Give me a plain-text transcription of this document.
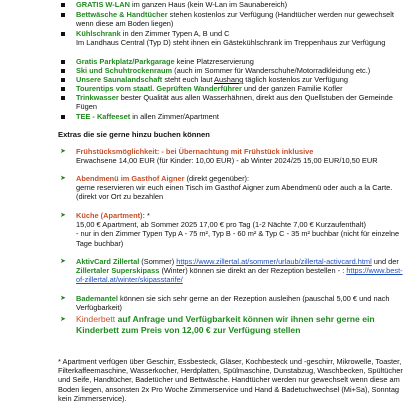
GRATIS W-LAN im ganzen Haus (kein W-Lan im Saunabereich)
Bettwäsche & Handtücher stehen kostenlos zur Verfügung (Handtücher werden nur gewechselt wenn diese am Boden liegen)
Kühlschrank in den Zimmer Typen A, B und C
Im Landhaus Central (Typ D) steht ihnen ein Gästekühlschrank im Treppenhaus zur Verfügung
Gratis Parkplatz/Parkgarage keine Platzreservierung
Ski und Schuhtrockenraum (auch im Sommer für Wanderschuhe/Motorradkleidung etc.)
Unsere Saunalandschaft steht euch laut Aushang täglich kostenlos zur Verfügung
Tourentips vom staatl. Geprüften Wanderführer und der ganzen Familie Kofler
Trinkwasser bester Qualität aus allen Wasserhähnen, direkt aus den Quellstuben der Gemeinde Fügen
TEE - Kaffeeset in allen Zimmer/Apartment
Extras die sie gerne hinzu buchen können
➤ Frühstücksmöglichkeit: - bei Übernachtung mit Frühstück inklusive
Erwachsene 14,00 EUR (für Kinder: 10,00 EUR) - ab Winter 2024/25 15,00 EUR/10,50 EUR
➤ Abendmenü im Gasthof Aigner (direkt gegenüber):
gerne reservieren wir euch einen Tisch im Gasthof Aigner zum Abendmenü oder auch a la Carte. (direkt vor Ort zu bezahlen
➤ Küche (Apartment): *
15,00 € Apartment, ab Sommer 2025 17,00 € pro Tag (1-2 Nächte 7,00 € Kurzaufenthalt)
- nur in den Zimmer Typen Typ A - 75 m², Typ B - 60 m² & Typ C - 35 m² buchbar (nicht für einzelne Tage buchbar)
➤ AktivCard Zillertal (Sommer) https://www.zillertal.at/sommer/urlaub/zillertal-activcard.html und der Zillertaler Superskipass (Winter) können sie direkt an der Rezeption bestellen - : https://www.best-of-zillertal.at/winter/skipasstarife/
➤ Bademantel können sie sich sehr gerne an der Rezeption ausleihen (pauschal 5,00 € und nach Verfügbarkeit)
➤ Kinderbett auf Anfrage und Verfügbarkeit können wir ihnen sehr gerne ein Kinderbett zum Preis von 12,00 € zur Verfügung stellen
* Apartment verfügen über Geschirr, Essbesteck, Gläser, Kochbesteck und -geschirr, Mikrowelle, Toaster, Filterkaffeemaschine, Wasserkocher, Herdplatten, Spülmaschine, Dunstabzug, Waschbecken, Spültücher und Seife, Handtücher, Badetücher und Bettwäsche. Handtücher werden nur gewechselt wenn diese am Boden liegen, ansonsten 2x Pro Woche Zimmerservice und Hand & Badetuchwechsel (Mi+Sa), Sonntag kein Zimmerservice).
